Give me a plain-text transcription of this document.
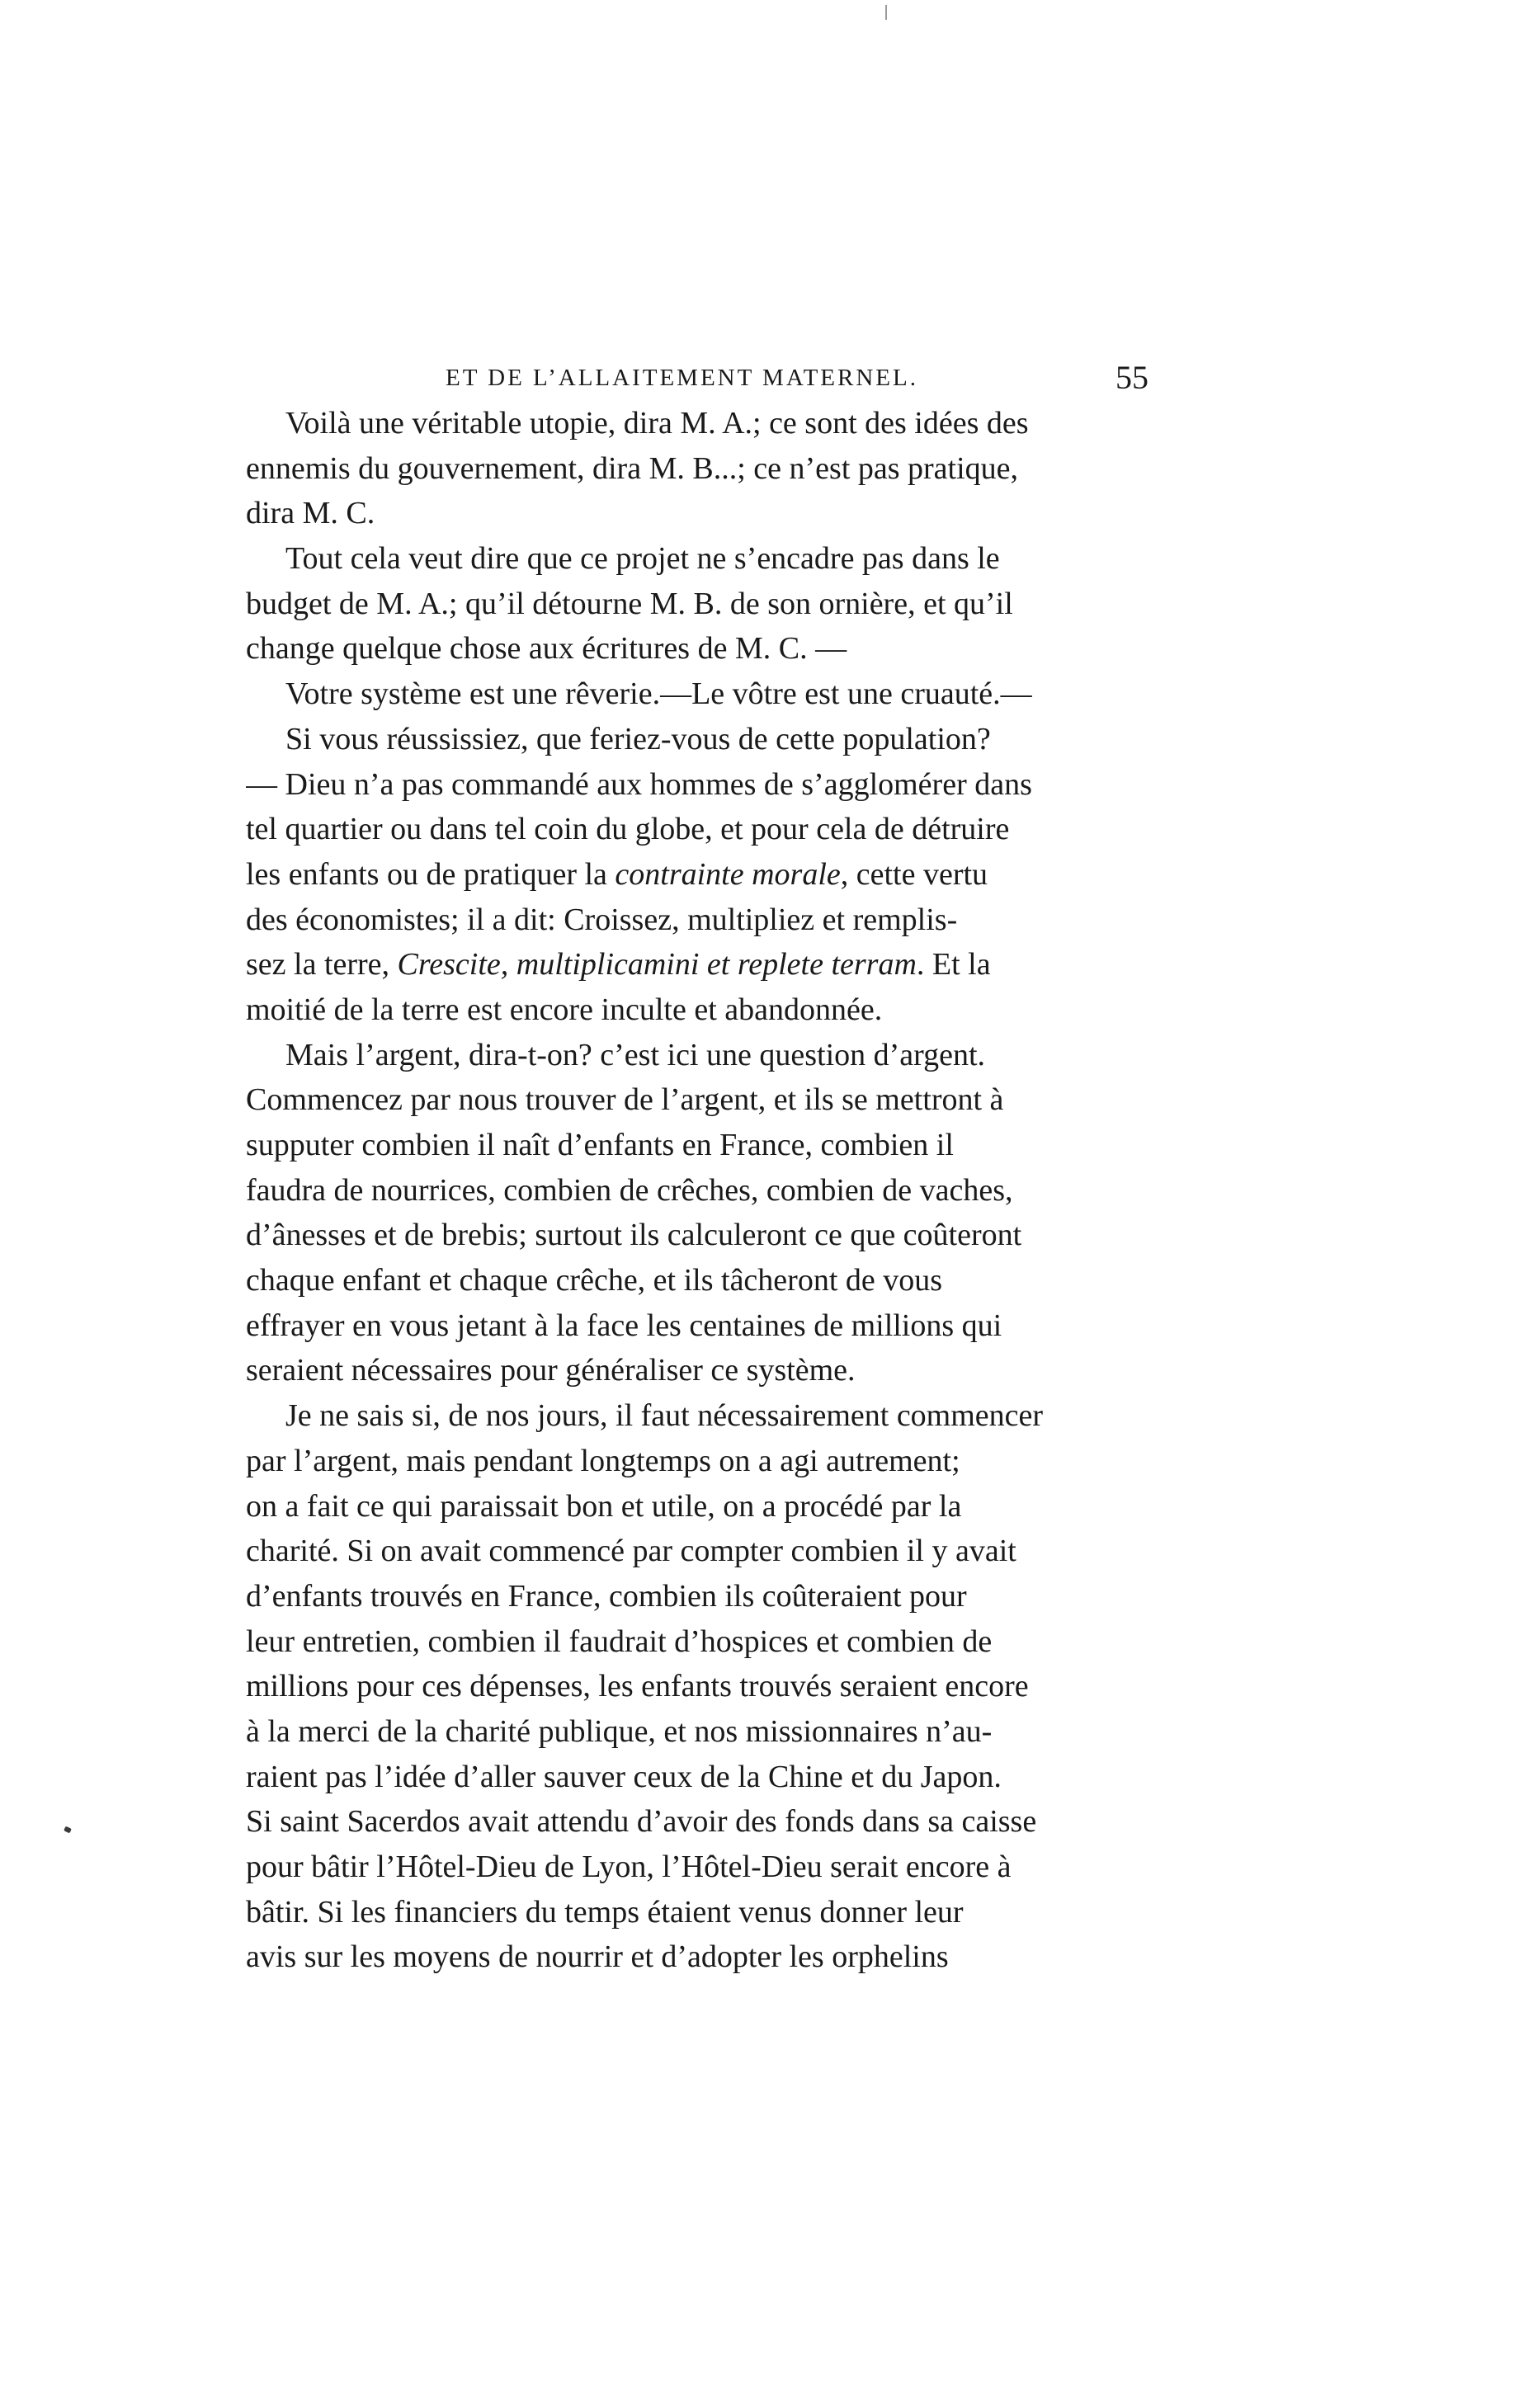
ET DE L’ALLAITEMENT MATERNEL.	55
Voilà une véritable utopie, dira M. A.; ce sont des idées des
ennemis du gouvernement, dira M. B...; ce n’est pas pratique,
dira M. C.
Tout cela veut dire que ce projet ne s’encadre pas dans le
budget de M. A.; qu’il détourne M. B. de son ornière, et qu’il
change quelque chose aux écritures de M. C. —
Votre système est une rêverie.—Le vôtre est une cruauté.—
Si vous réussissiez, que feriez-vous de cette population?
— Dieu n’a pas commandé aux hommes de s’agglomérer dans
tel quartier ou dans tel coin du globe, et pour cela de détruire
les enfants ou de pratiquer la contrainte morale, cette vertu
des économistes; il a dit: Croissez, multipliez et remplis-
sez la terre, Crescite, multiplicamini et replete terram. Et la
moitié de la terre est encore inculte et abandonnée.
Mais l’argent, dira-t-on? c’est ici une question d’argent.
Commencez par nous trouver de l’argent, et ils se mettront à
supputer combien il naît d’enfants en France, combien il
faudra de nourrices, combien de crêches, combien de vaches,
d’ânesses et de brebis; surtout ils calculeront ce que coûteront
chaque enfant et chaque crêche, et ils tâcheront de vous
effrayer en vous jetant à la face les centaines de millions qui
seraient nécessaires pour généraliser ce système.
Je ne sais si, de nos jours, il faut nécessairement commencer
par l’argent, mais pendant longtemps on a agi autrement;
on a fait ce qui paraissait bon et utile, on a procédé par la
charité. Si on avait commencé par compter combien il y avait
d’enfants trouvés en France, combien ils coûteraient pour
leur entretien, combien il faudrait d’hospices et combien de
millions pour ces dépenses, les enfants trouvés seraient encore
à la merci de la charité publique, et nos missionnaires n’au-
raient pas l’idée d’aller sauver ceux de la Chine et du Japon.
Si saint Sacerdos avait attendu d’avoir des fonds dans sa caisse
pour bâtir l’Hôtel-Dieu de Lyon, l’Hôtel-Dieu serait encore à
bâtir. Si les financiers du temps étaient venus donner leur
avis sur les moyens de nourrir et d’adopter les orphelins
